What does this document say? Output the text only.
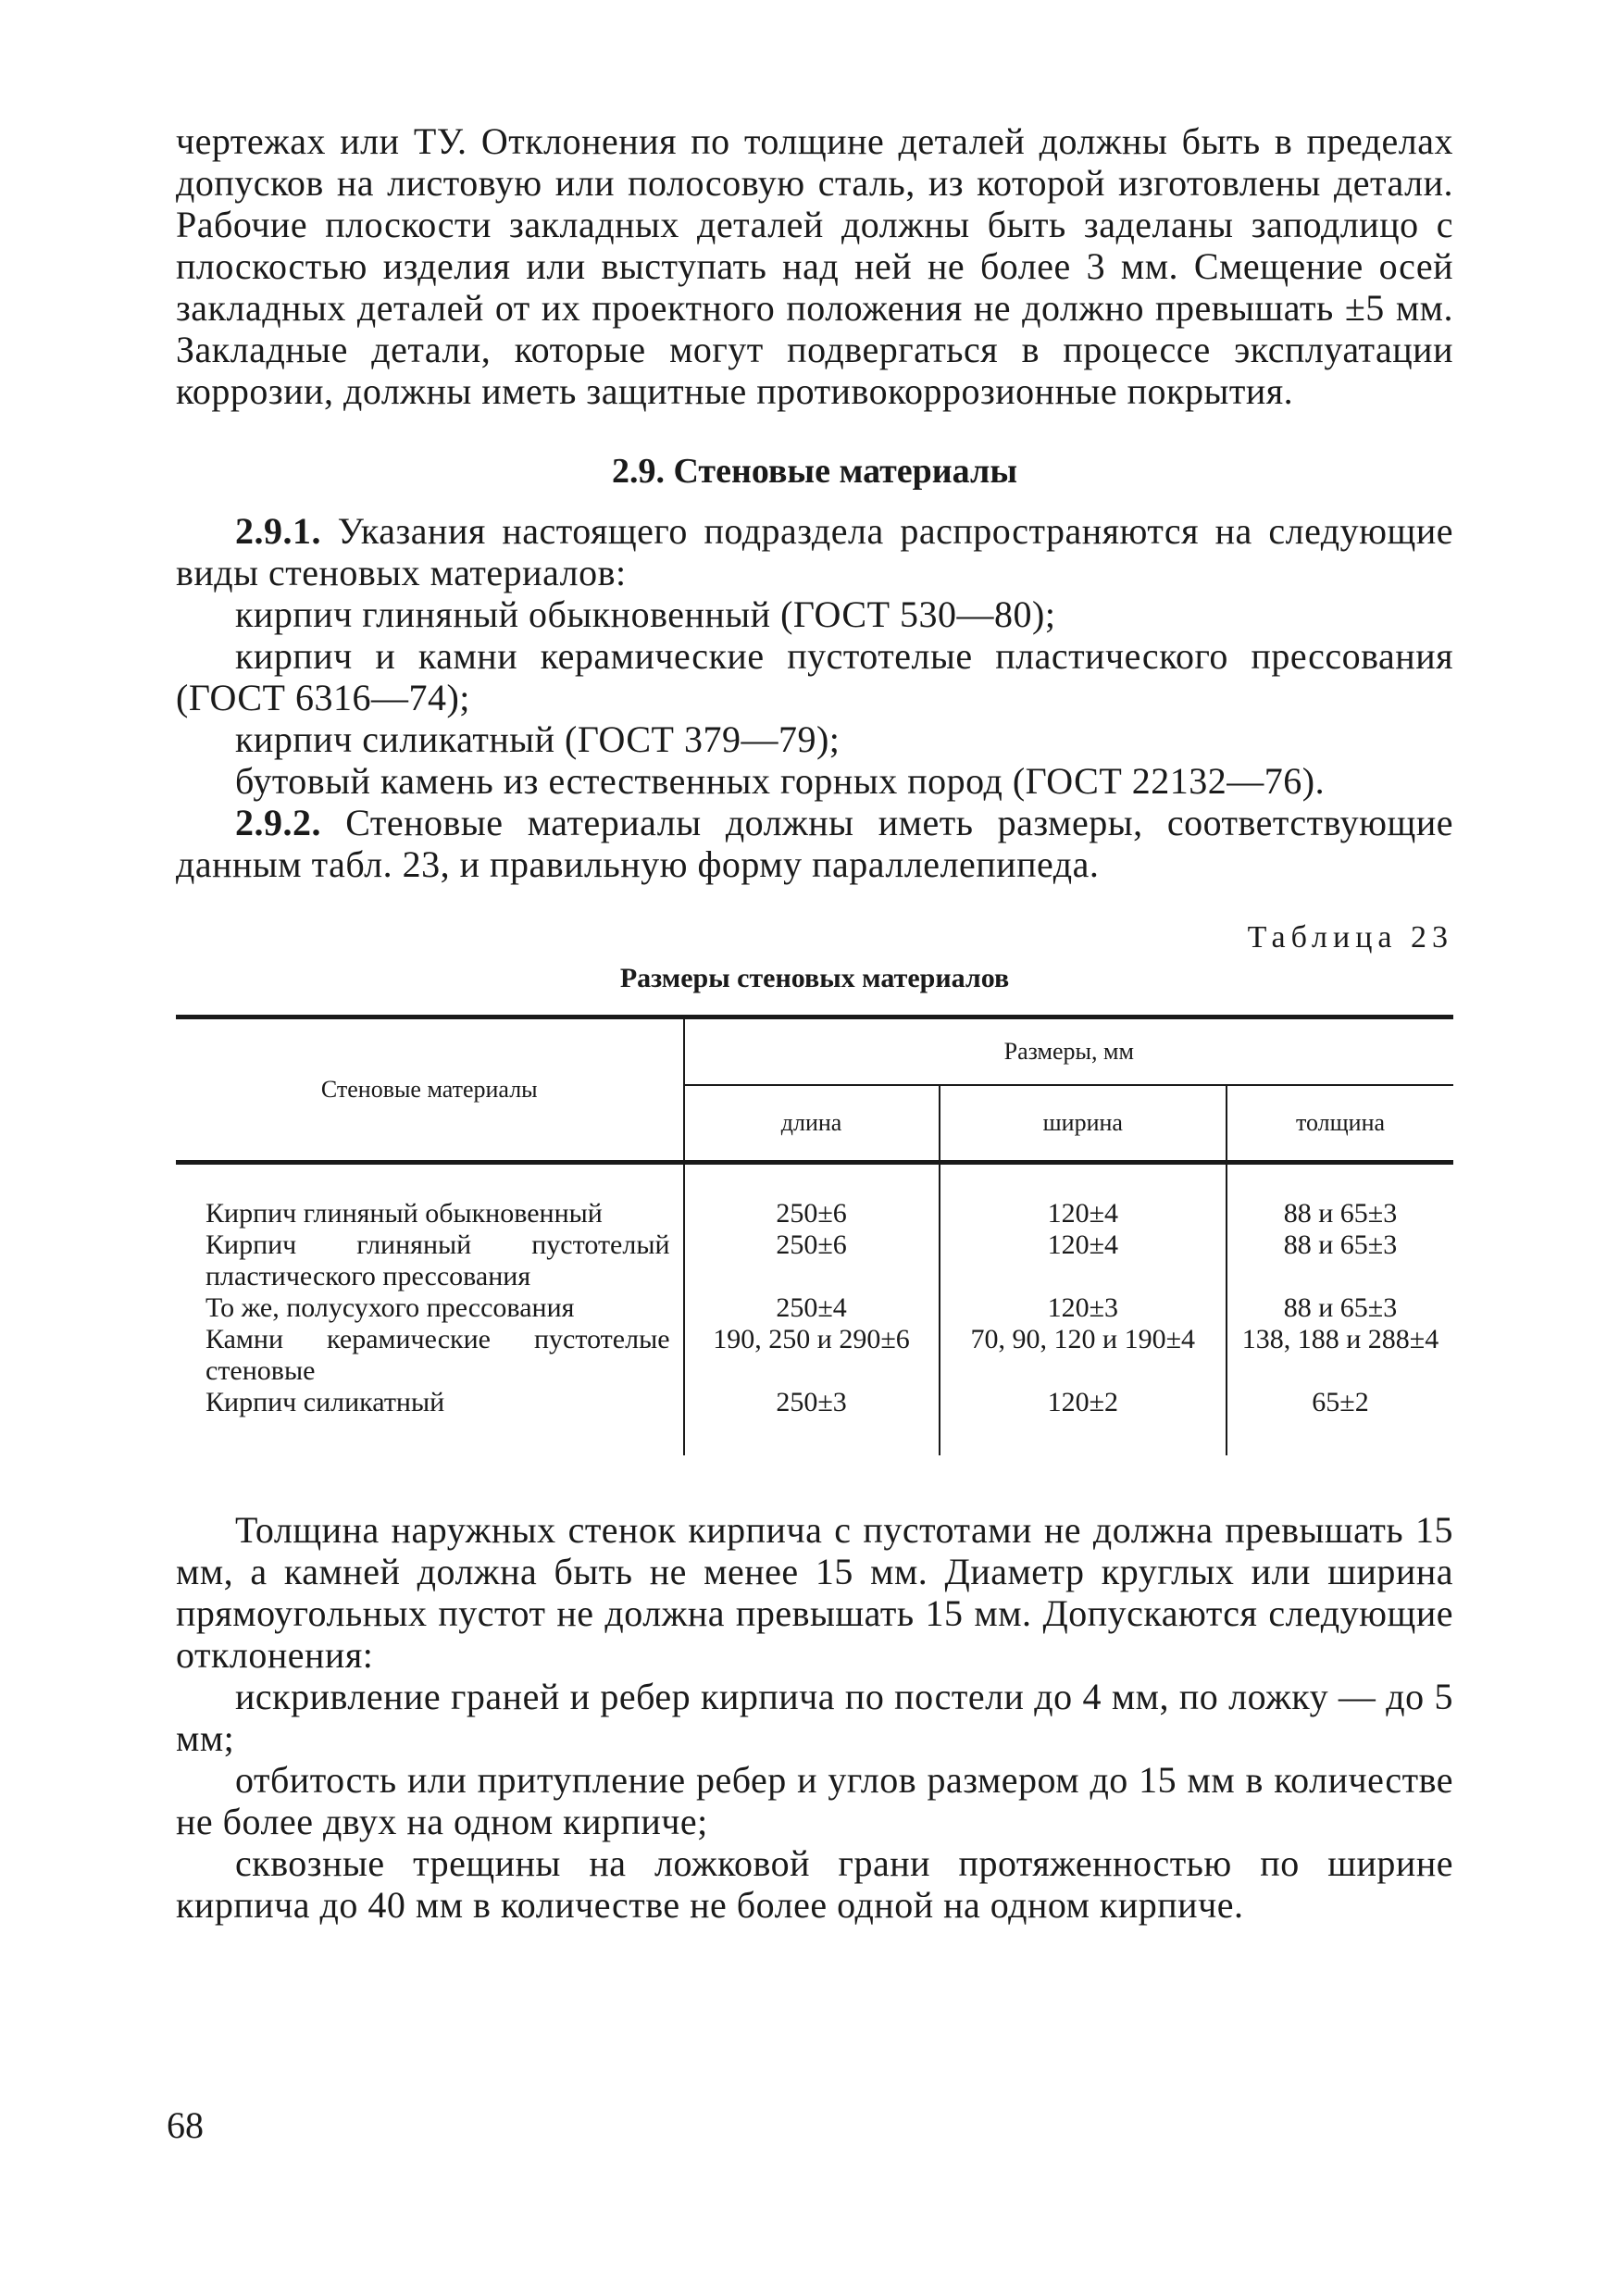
чертежах или ТУ. Отклонения по толщине деталей должны быть в пределах допусков на листовую или полосовую сталь, из которой изготовлены детали. Рабочие плоскости закладных деталей должны быть заделаны заподлицо с плоскостью изделия или выступать над ней не более 3 мм. Смещение осей закладных деталей от их проектного положения не должно превышать ±5 мм. Закладные детали, которые могут подвергаться в процессе эксплуатации коррозии, должны иметь защитные противокоррозионные покрытия.

2.9. Стеновые материалы

2.9.1. Указания настоящего подраздела распространяются на следующие виды стеновых материалов:

кирпич глиняный обыкновенный (ГОСТ 530—80);

кирпич и камни керамические пустотелые пластического прессования (ГОСТ 6316—74);

кирпич силикатный (ГОСТ 379—79);

бутовый камень из естественных горных пород (ГОСТ 22132—76).

2.9.2. Стеновые материалы должны иметь размеры, соответствующие данным табл. 23, и правильную форму параллелепипеда.

Таблица 23
Размеры стеновых материалов
Стеновые материалы	Размеры, мм		
	длина	ширина	толщина
Кирпич глиняный обыкновенный	250±6	120±4	88 и 65±3
Кирпич глиняный пустотелый пластического прессования	250±6	120±4	88 и 65±3
То же, полусухого прессования	250±4	120±3	88 и 65±3
Камни керамические пустотелые стеновые	190, 250 и 290±6	70, 90, 120 и 190±4	138, 188 и 288±4
Кирпич силикатный	250±3	120±2	65±2

Толщина наружных стенок кирпича с пустотами не должна превышать 15 мм, а камней должна быть не менее 15 мм. Диаметр круглых или ширина прямоугольных пустот не должна превышать 15 мм. Допускаются следующие отклонения:

искривление граней и ребер кирпича по постели до 4 мм, по ложку — до 5 мм;

отбитость или притупление ребер и углов размером до 15 мм в количестве не более двух на одном кирпиче;

сквозные трещины на ложковой грани протяженностью по ширине кирпича до 40 мм в количестве не более одной на одном кирпиче.

68
